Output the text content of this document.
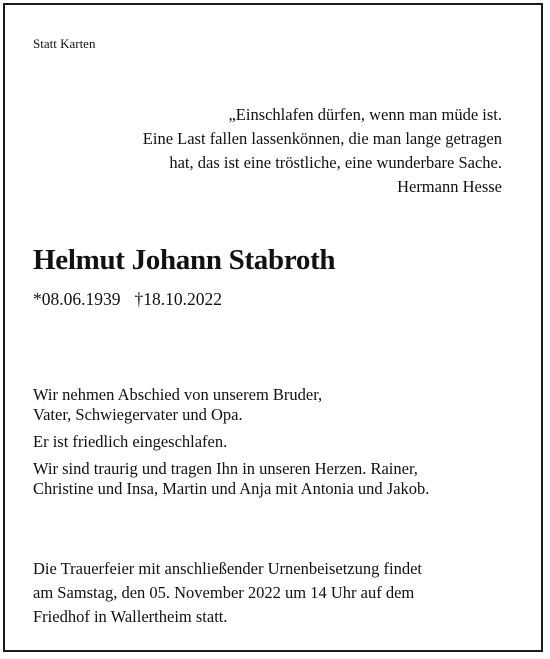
Statt Karten
„Einschlafen dürfen, wenn man müde ist.
Eine Last fallen lassenkönnen, die man lange getragen
hat, das ist eine tröstliche, eine wunderbare Sache.
Hermann Hesse
Helmut Johann Stabroth
*08.06.1939 †18.10.2022

Wir nehmen Abschied von unserem Bruder,
Vater, Schwiegervater und Opa.

Er ist friedlich eingeschlafen.

Wir sind traurig und tragen Ihn in unseren Herzen. Rainer,
Christine und Insa, Martin und Anja mit Antonia und Jakob.

Die Trauerfeier mit anschließender Urnenbeisetzung findet
am Samstag, den 05. November 2022 um 14 Uhr auf dem
Friedhof in Wallertheim statt.
